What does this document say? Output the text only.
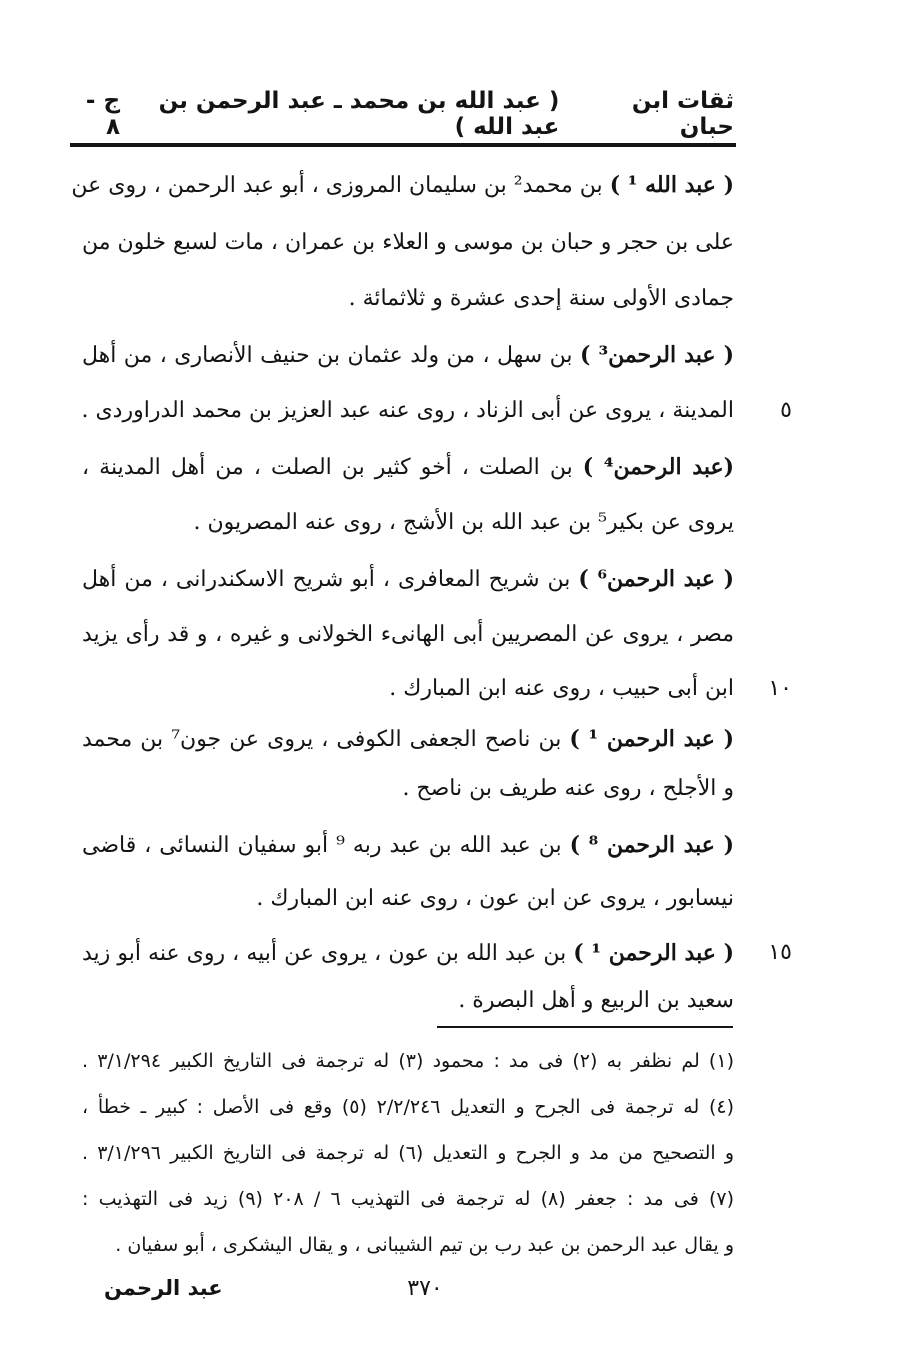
ثقات ابن حبان
( عبد الله بن محمد ـ عبد الرحمن بن عبد الله )
ج - ٨
( عبد الله ¹ ) بن محمد² بن سليمان المروزى ، أبو عبد الرحمن ، روى عن
على بن حجر و حبان بن موسى و العلاء بن عمران ، مات لسبع خلون من
جمادى الأولى سنة إحدى عشرة و ثلاثمائة .
( عبد الرحمن³ ) بن سهل ، من ولد عثمان بن حنيف الأنصارى ، من أهل
٥
المدينة ، يروى عن أبى الزناد ، روى عنه عبد العزيز بن محمد الدراوردى .
(عبد الرحمن⁴ ) بن الصلت ، أخو كثير بن الصلت ، من أهل المدينة ،
يروى عن بكير⁵ بن عبد الله بن الأشج ، روى عنه المصريون .
( عبد الرحمن⁶ ) بن شريح المعافرى ، أبو شريح الاسكندرانى ، من أهل
مصر ، يروى عن المصريين أبى الهانىء الخولانى و غيره ، و قد رأى يزيد
١٠
ابن أبى حبيب ، روى عنه ابن المبارك .
( عبد الرحمن ¹ ) بن ناصح الجعفى الكوفى ، يروى عن جون⁷ بن محمد
و الأجلح ، روى عنه طريف بن ناصح .
( عبد الرحمن ⁸ ) بن عبد الله بن عبد ربه ⁹ أبو سفيان النسائى ، قاضى
نيسابور ، يروى عن ابن عون ، روى عنه ابن المبارك .
١٥
( عبد الرحمن ¹ ) بن عبد الله بن عون ، يروى عن أبيه ، روى عنه أبو زيد
سعيد بن الربيع و أهل البصرة .
(١) لم نظفر به (٢) فى مد : محمود (٣) له ترجمة فى التاريخ الكبير ٣/١/٢٩٤ .
(٤) له ترجمة فى الجرح و التعديل ٢/٢/٢٤٦ (٥) وقع فى الأصل : كبير ـ خطأ ،
و التصحيح من مد و الجرح و التعديل (٦) له ترجمة فى التاريخ الكبير ٣/١/٢٩٦ .
(٧) فى مد : جعفر (٨) له ترجمة فى التهذيب ٦ / ٢٠٨ (٩) زيد فى التهذيب :
و يقال عبد الرحمن بن عبد رب بن تيم الشيبانى ، و يقال اليشكرى ، أبو سفيان .
٣٧٠
عبد الرحمن
